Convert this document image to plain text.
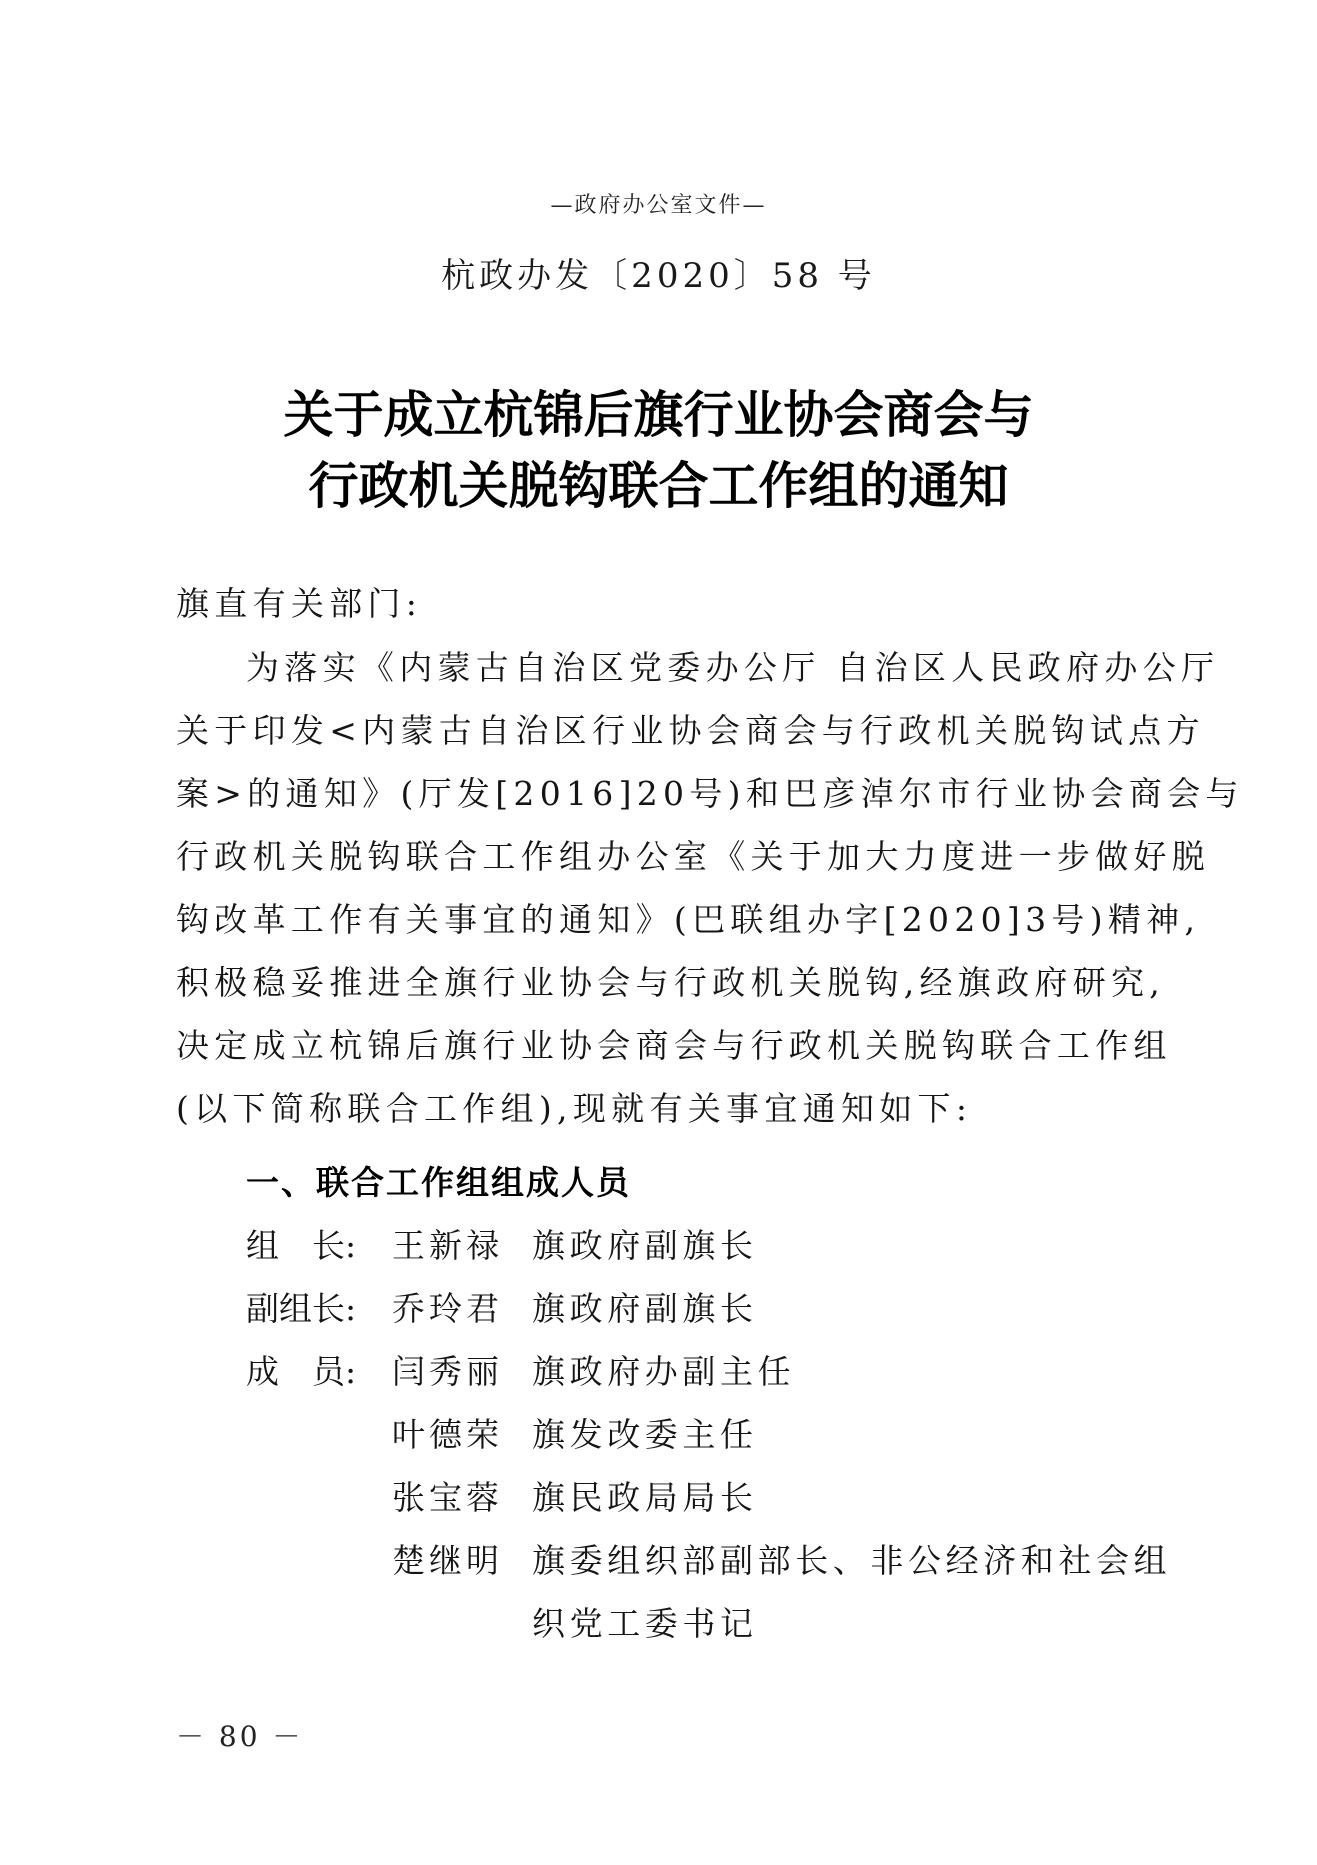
—政府办公室文件—
杭政办发〔2020〕58 号
关于成立杭锦后旗行业协会商会与
行政机关脱钩联合工作组的通知
旗直有关部门:
为落实《内蒙古自治区党委办公厅 自治区人民政府办公厅
关于印发<内蒙古自治区行业协会商会与行政机关脱钩试点方
案>的通知》(厅发[2016]20号)和巴彦淖尔市行业协会商会与
行政机关脱钩联合工作组办公室《关于加大力度进一步做好脱
钩改革工作有关事宜的通知》(巴联组办字[2020]3号)精神,
积极稳妥推进全旗行业协会与行政机关脱钩,经旗政府研究,
决定成立杭锦后旗行业协会商会与行政机关脱钩联合工作组
(以下简称联合工作组),现就有关事宜通知如下:
一、联合工作组组成人员
组　长: 王新禄 旗政府副旗长
副组长: 乔玲君 旗政府副旗长
成　员: 闫秀丽 旗政府办副主任
叶德荣 旗发改委主任
张宝蓉 旗民政局局长
楚继明 旗委组织部副部长、非公经济和社会组
织党工委书记
－ 80 －
